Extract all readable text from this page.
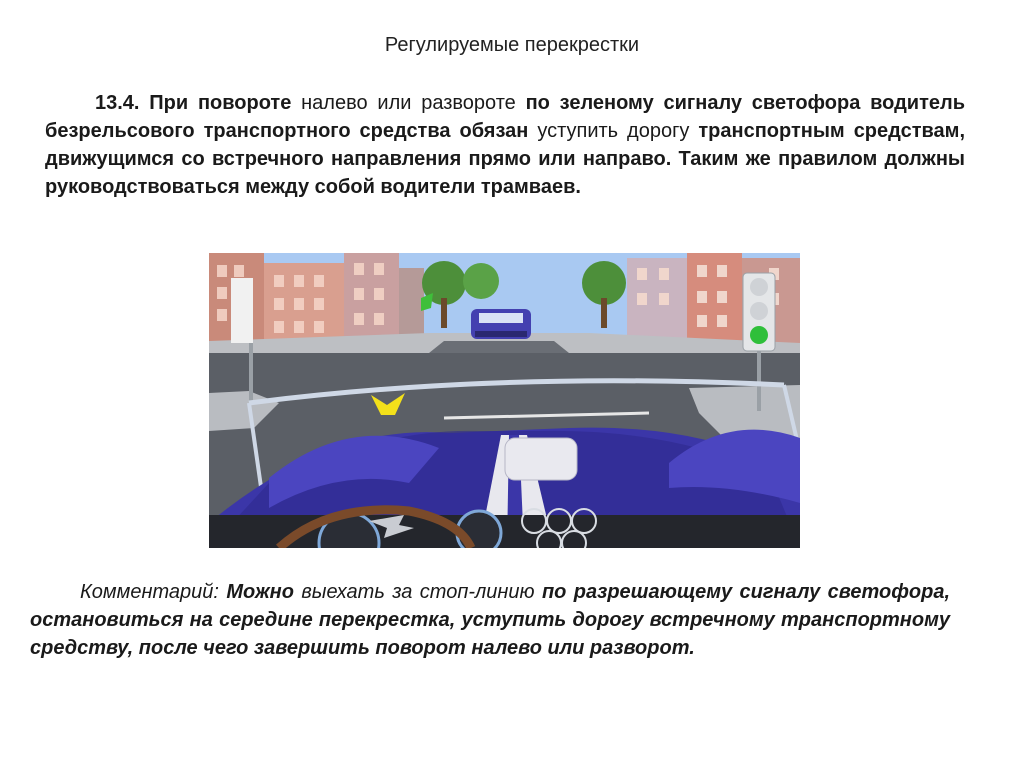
Регулируемые перекрестки
13.4. При повороте налево или развороте по зеленому сигналу светофора водитель безрельсового транспортного средства обязан уступить дорогу транспортным средствам, движущимся со встречного направления прямо или направо. Таким же правилом должны руководствоваться между собой водители трамваев.
Комментарий: Можно выехать за стоп-линию по разрешающему сигналу светофора, остановиться на середине перекрестка, уступить дорогу встречному транспортному средству, после чего завершить поворот налево или разворот.
